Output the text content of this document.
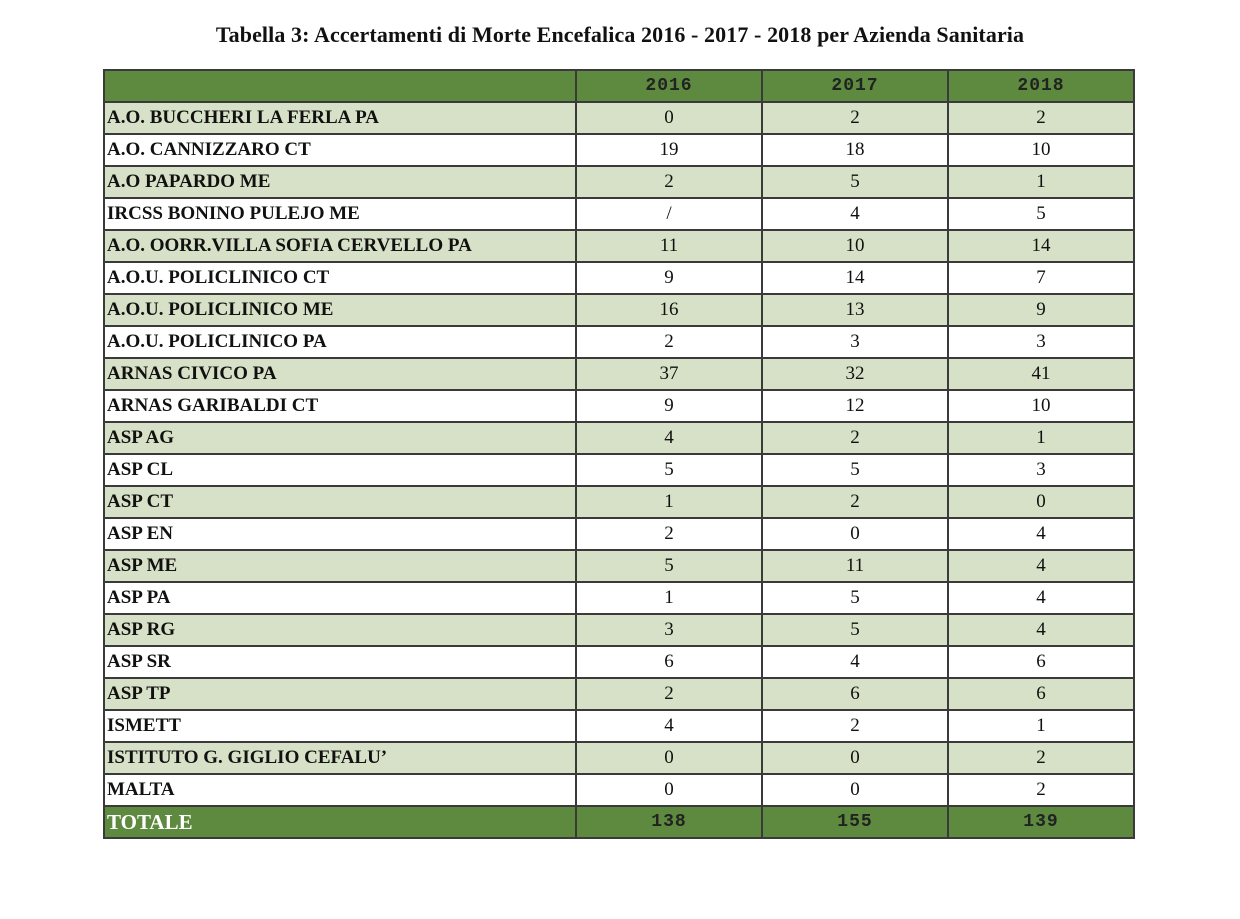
Tabella 3: Accertamenti di Morte Encefalica 2016 - 2017 - 2018 per Azienda Sanitaria
	2016	2017	2018
A.O. BUCCHERI LA FERLA PA	0	2	2
A.O. CANNIZZARO CT	19	18	10
A.O PAPARDO ME	2	5	1
IRCSS BONINO PULEJO ME	/	4	5
A.O. OORR.VILLA SOFIA CERVELLO PA	11	10	14
A.O.U. POLICLINICO CT	9	14	7
A.O.U. POLICLINICO ME	16	13	9
A.O.U. POLICLINICO PA	2	3	3
ARNAS CIVICO PA	37	32	41
ARNAS GARIBALDI CT	9	12	10
ASP AG	4	2	1
ASP CL	5	5	3
ASP CT	1	2	0
ASP EN	2	0	4
ASP ME	5	11	4
ASP PA	1	5	4
ASP RG	3	5	4
ASP SR	6	4	6
ASP TP	2	6	6
ISMETT	4	2	1
ISTITUTO G. GIGLIO CEFALU’	0	0	2
MALTA	0	0	2
TOTALE	138	155	139
